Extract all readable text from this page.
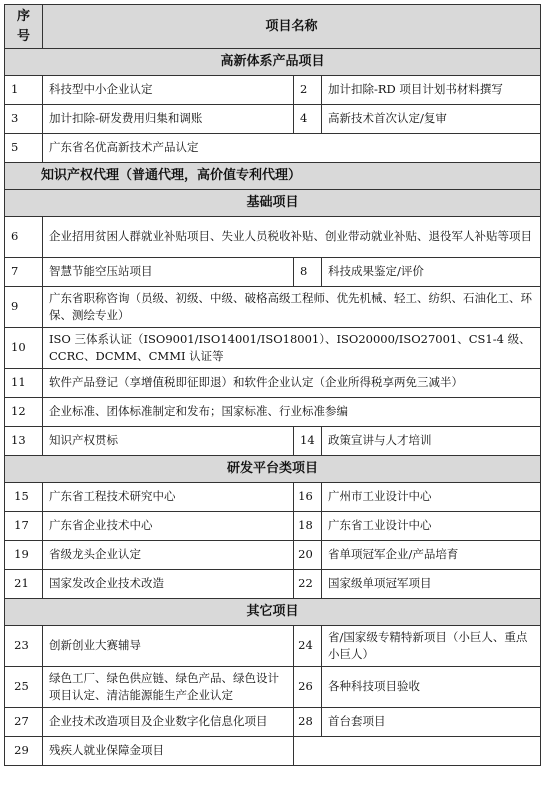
序号	项目名称		
高新体系产品项目			
1	科技型中小企业认定	2	加计扣除-RD 项目计划书材料撰写
3	加计扣除-研发费用归集和调账	4	高新技术首次认定/复审
5	广东省名优高新技术产品认定		
知识产权代理（普通代理，高价值专利代理）			
基础项目			
6	企业招用贫困人群就业补贴项目、失业人员税收补贴、创业带动就业补贴、退役军人补贴等项目		
7	智慧节能空压站项目	8	科技成果鉴定/评价
9	广东省职称咨询（员级、初级、中级、破格高级工程师、优先机械、轻工、纺织、石油化工、环保、测绘专业）		
10	ISO 三体系认证（ISO9001/ISO14001/ISO18001）、ISO20000/ISO27001、CS1-4 级、CCRC、DCMM、CMMI 认证等		
11	软件产品登记（享增值税即征即退）和软件企业认定（企业所得税享两免三减半）		
12	企业标准、团体标准制定和发布；国家标准、行业标准参编		
13	知识产权贯标	14	政策宣讲与人才培训
研发平台类项目			
15	广东省工程技术研究中心	16	广州市工业设计中心
17	广东省企业技术中心	18	广东省工业设计中心
19	省级龙头企业认定	20	省单项冠军企业/产品培育
21	国家发改企业技术改造	22	国家级单项冠军项目
其它项目			
23	创新创业大赛辅导	24	省/国家级专精特新项目（小巨人、重点小巨人）
25	绿色工厂、绿色供应链、绿色产品、绿色设计项目认定、清洁能源能生产企业认定	26	各种科技项目验收
27	企业技术改造项目及企业数字化信息化项目	28	首台套项目
29	残疾人就业保障金项目		
